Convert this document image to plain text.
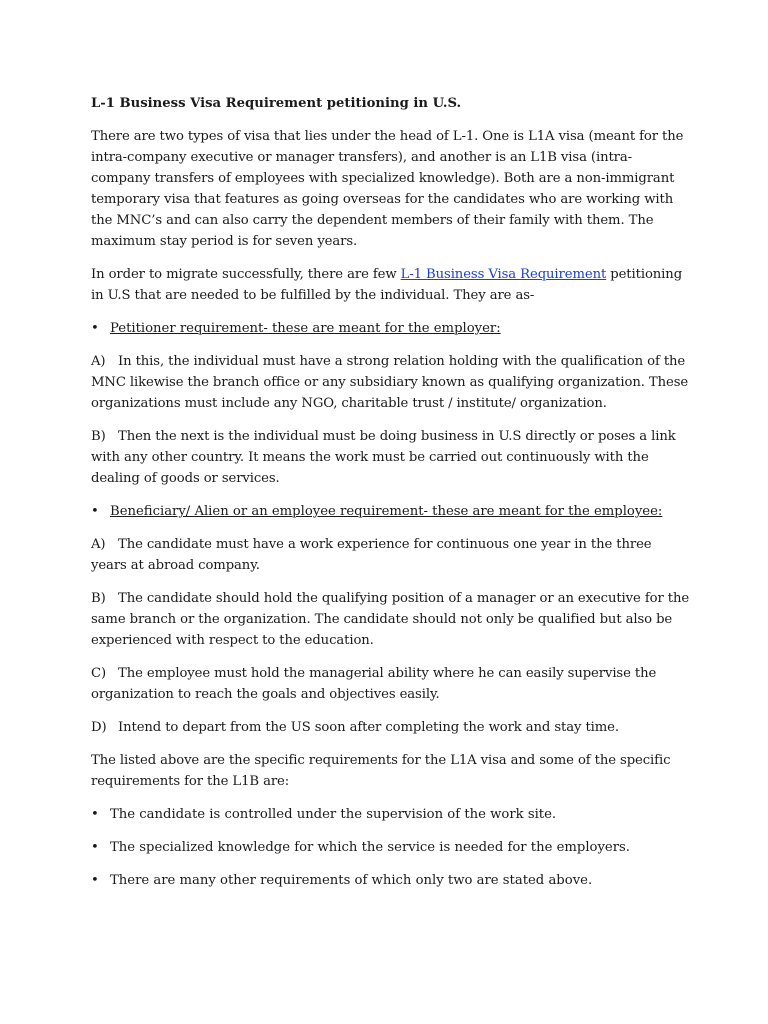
L-1 Business Visa Requirement petitioning in U.S.

There are two types of visa that lies under the head of L-1. One is L1A visa (meant for the intra-company executive or manager transfers), and another is an L1B visa (intra-company transfers of employees with specialized knowledge). Both are a non-immigrant temporary visa that features as going overseas for the candidates who are working with the MNC’s and can also carry the dependent members of their family with them. The maximum stay period is for seven years.

In order to migrate successfully, there are few L-1 Business Visa Requirement petitioning in U.S that are needed to be fulfilled by the individual. They are as-

• Petitioner requirement- these are meant for the employer:

A) In this, the individual must have a strong relation holding with the qualification of the MNC likewise the branch office or any subsidiary known as qualifying organization. These organizations must include any NGO, charitable trust / institute/ organization.

B) Then the next is the individual must be doing business in U.S directly or poses a link with any other country. It means the work must be carried out continuously with the dealing of goods or services.

• Beneficiary/ Alien or an employee requirement- these are meant for the employee:

A) The candidate must have a work experience for continuous one year in the three years at abroad company.

B) The candidate should hold the qualifying position of a manager or an executive for the same branch or the organization. The candidate should not only be qualified but also be experienced with respect to the education.

C) The employee must hold the managerial ability where he can easily supervise the organization to reach the goals and objectives easily.

D) Intend to depart from the US soon after completing the work and stay time.

The listed above are the specific requirements for the L1A visa and some of the specific requirements for the L1B are:

• The candidate is controlled under the supervision of the work site.

• The specialized knowledge for which the service is needed for the employers.

• There are many other requirements of which only two are stated above.
